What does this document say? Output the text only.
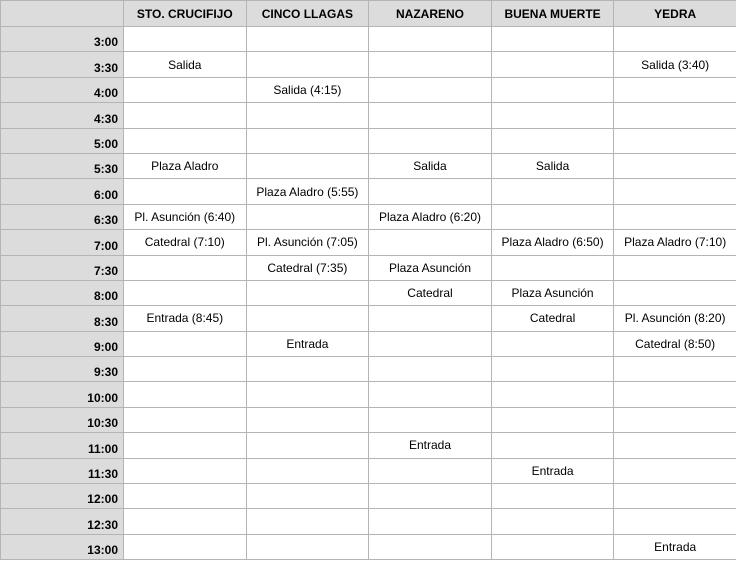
	STO. CRUCIFIJO	CINCO LLAGAS	NAZARENO	BUENA MUERTE	YEDRA
3:00					
3:30	Salida				Salida (3:40)
4:00		Salida (4:15)			
4:30					
5:00					
5:30	Plaza Aladro		Salida	Salida	
6:00		Plaza Aladro (5:55)			
6:30	Pl. Asunción (6:40)		Plaza Aladro (6:20)		
7:00	Catedral (7:10)	Pl. Asunción (7:05)		Plaza Aladro (6:50)	Plaza Aladro (7:10)
7:30		Catedral (7:35)	Plaza Asunción		
8:00			Catedral	Plaza Asunción	
8:30	Entrada (8:45)			Catedral	Pl. Asunción (8:20)
9:00		Entrada			Catedral (8:50)
9:30					
10:00					
10:30					
11:00			Entrada		
11:30				Entrada	
12:00					
12:30					
13:00					Entrada
